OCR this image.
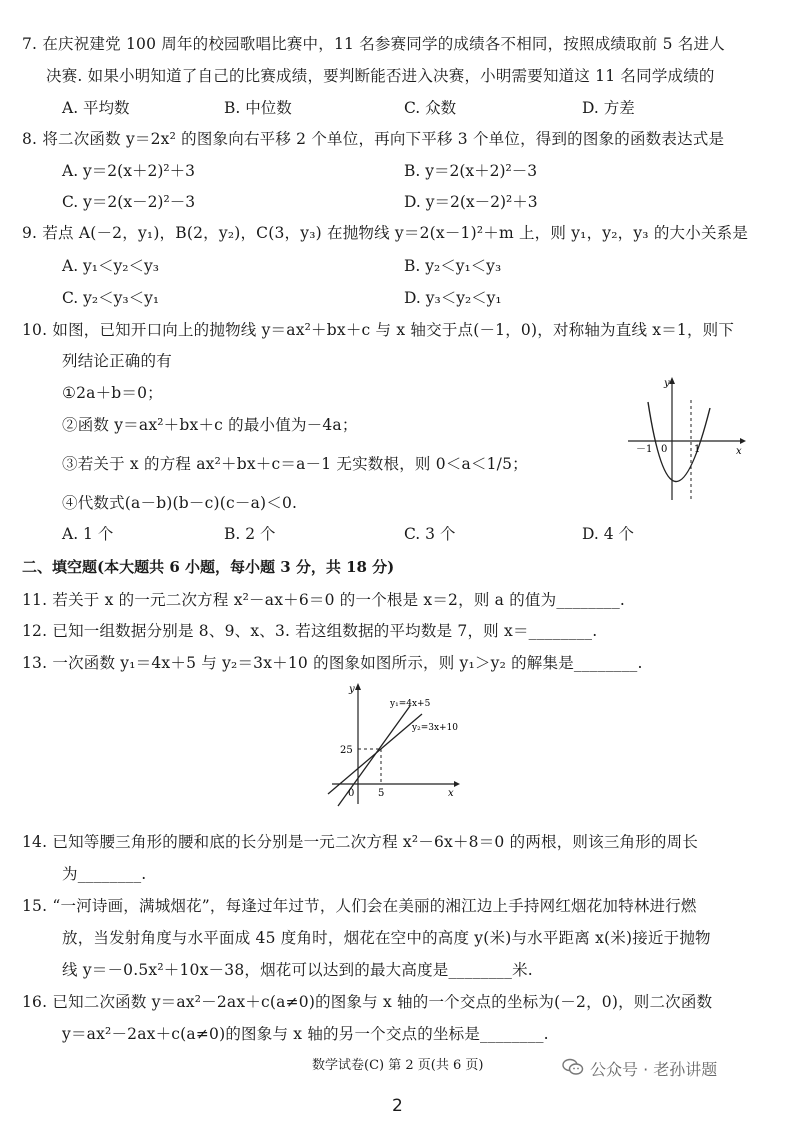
7. 在庆祝建党 100 周年的校园歌唱比赛中，11 名参赛同学的成绩各不相同，按照成绩取前 5 名进人
决赛. 如果小明知道了自己的比赛成绩，要判断能否进入决赛，小明需要知道这 11 名同学成绩的
A. 平均数	B. 中位数	C. 众数	D. 方差
8. 将二次函数 y＝2x² 的图象向右平移 2 个单位，再向下平移 3 个单位，得到的图象的函数表达式是
A. y＝2(x＋2)²＋3	B. y＝2(x＋2)²－3
C. y＝2(x－2)²－3	D. y＝2(x－2)²＋3
9. 若点 A(－2，y₁)，B(2，y₂)，C(3，y₃) 在抛物线 y＝2(x－1)²＋m 上，则 y₁，y₂，y₃ 的大小关系是
A. y₁＜y₂＜y₃	B. y₂＜y₁＜y₃
C. y₂＜y₃＜y₁	D. y₃＜y₂＜y₁
10. 如图，已知开口向上的抛物线 y＝ax²＋bx＋c 与 x 轴交于点(－1，0)，对称轴为直线 x＝1，则下
列结论正确的有
①2a＋b＝0；
②函数 y＝ax²＋bx＋c 的最小值为－4a；
③若关于 x 的方程 ax²＋bx＋c＝a－1 无实数根，则 0＜a＜1/5；
④代数式(a－b)(b－c)(c－a)＜0.
A. 1 个	B. 2 个	C. 3 个	D. 4 个
y
x
0
－1	1
二、填空题(本大题共 6 小题，每小题 3 分，共 18 分)
11. 若关于 x 的一元二次方程 x²－ax＋6＝0 的一个根是 x＝2，则 a 的值为________.
12. 已知一组数据分别是 8、9、x、3. 若这组数据的平均数是 7，则 x＝________.
13. 一次函数 y₁＝4x＋5 与 y₂＝3x＋10 的图象如图所示，则 y₁＞y₂ 的解集是________.
y
x
0
25
5
y₁=4x+5
y₂=3x+10
14. 已知等腰三角形的腰和底的长分别是一元二次方程 x²－6x＋8＝0 的两根，则该三角形的周长
为________.
15. “一河诗画，满城烟花”，每逢过年过节，人们会在美丽的湘江边上手持网红烟花加特林进行燃
放，当发射角度与水平面成 45 度角时，烟花在空中的高度 y(米)与水平距离 x(米)接近于抛物
线 y＝－0.5x²＋10x－38，烟花可以达到的最大高度是________米.
16. 已知二次函数 y＝ax²－2ax＋c(a≠0)的图象与 x 轴的一个交点的坐标为(－2，0)，则二次函数
y＝ax²－2ax＋c(a≠0)的图象与 x 轴的另一个交点的坐标是________.
数学试卷(C) 第 2 页(共 6 页)	公众号 · 老孙讲题
2
